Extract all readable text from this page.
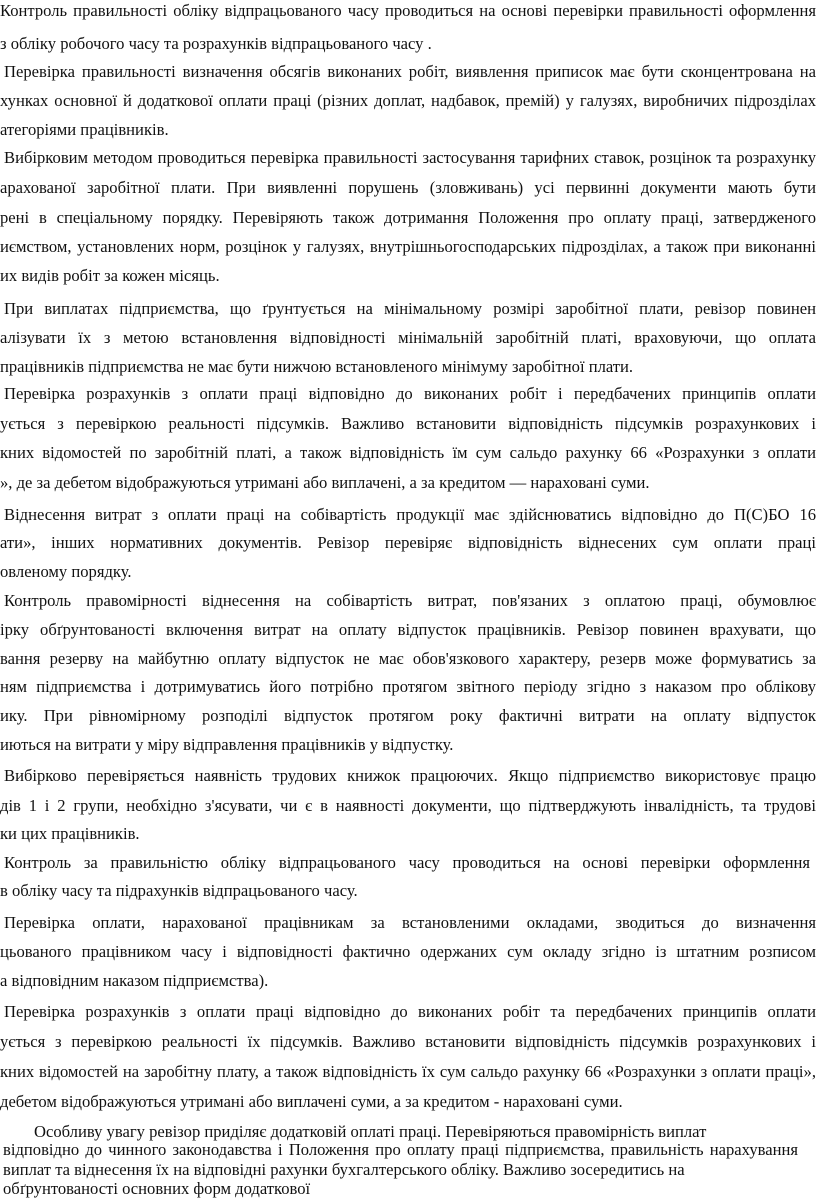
Контроль правильності обліку відпрацьованого часу проводиться на основі перевірки правильності оформлення
з обліку робочого часу та розрахунків відпрацьованого часу .
Перевірка правильності визначення обсягів виконаних робіт, виявлення приписок має бути сконцентрована на
хунках основної й додаткової оплати праці (різних доплат, надбавок, премій) у галузях, виробничих підрозділах
атегоріями працівників.
Вибірковим методом проводиться перевірка правильності застосування тарифних ставок, розцінок та розрахунку
арахованої заробітної плати. При виявленні порушень (зловживань) усі первинні документи мають бути
рені в спеціальному порядку. Перевіряють також дотримання Положення про оплату праці, затвердженого
иємством, установлених норм, розцінок у галузях, внутрішньогосподарських підрозділах, а також при виконанні
их видів робіт за кожен місяць.
При виплатах підприємства, що ґрунтується на мінімальному розмірі заробітної плати, ревізор повинен
алізувати їх з метою встановлення відповідності мінімальній заробітній платі, враховуючи, що оплата
працівників підприємства не має бути нижчою встановленого мінімуму заробітної плати.
Перевірка розрахунків з оплати праці відповідно до виконаних робіт і передбачених принципів оплати
ується з перевіркою реальності підсумків. Важливо встановити відповідність підсумків розрахункових і
кних відомостей по заробітній платі, а також відповідність їм сум сальдо рахунку 66 «Розрахунки з оплати
», де за дебетом відображуються утримані або виплачені, а за кредитом — нараховані суми.
Віднесення витрат з оплати праці на собівартість продукції має здійснюватись відповідно до П(С)БО 16
ати», інших нормативних документів. Ревізор перевіряє відповідність віднесених сум оплати праці
овленому порядку.
Контроль правомірності віднесення на собівартість витрат, пов'язаних з оплатою праці, обумовлює
ірку обґрунтованості включення витрат на оплату відпусток працівників. Ревізор повинен врахувати, що
вання резерву на майбутню оплату відпусток не має обов'язкового характеру, резерв може формуватись за
ням підприємства і дотримуватись його потрібно протягом звітного періоду згідно з наказом про облікову
ику. При рівномірному розподілі відпусток протягом року фактичні витрати на оплату відпусток
иються на витрати у міру відправлення працівників у відпустку.
Вибірково перевіряється наявність трудових книжок працюючих. Якщо підприємство використовує працю
дів 1 і 2 групи, необхідно з'ясувати, чи є в наявності документи, що підтверджують інвалідність, та трудові
ки цих працівників.
Контроль за правильністю обліку відпрацьованого часу проводиться на основі перевірки оформлення
в обліку часу та підрахунків відпрацьованого часу.
Перевірка оплати, нарахованої працівникам за встановленими окладами, зводиться до визначення
цьованого працівником часу і відповідності фактично одержаних сум окладу згідно із штатним розписом
а відповідним наказом підприємства).
Перевірка розрахунків з оплати праці відповідно до виконаних робіт та передбачених принципів оплати
ується з перевіркою реальності їх підсумків. Важливо встановити відповідність підсумків розрахункових і
кних відомостей на заробітну плату, а також відповідність їх сум сальдо рахунку 66 «Розрахунки з оплати праці»,
дебетом відображуються утримані або виплачені суми, а за кредитом - нараховані суми.
Особливу увагу ревізор приділяє додатковій оплаті праці. Перевіряються правомірність виплат
відповідно до чинного законодавства і Положення про оплату праці підприємства, правильність нарахування
виплат та віднесення їх на відповідні рахунки бухгалтерського обліку. Важливо зосередитись на
обґрунтованості основних форм додаткової
